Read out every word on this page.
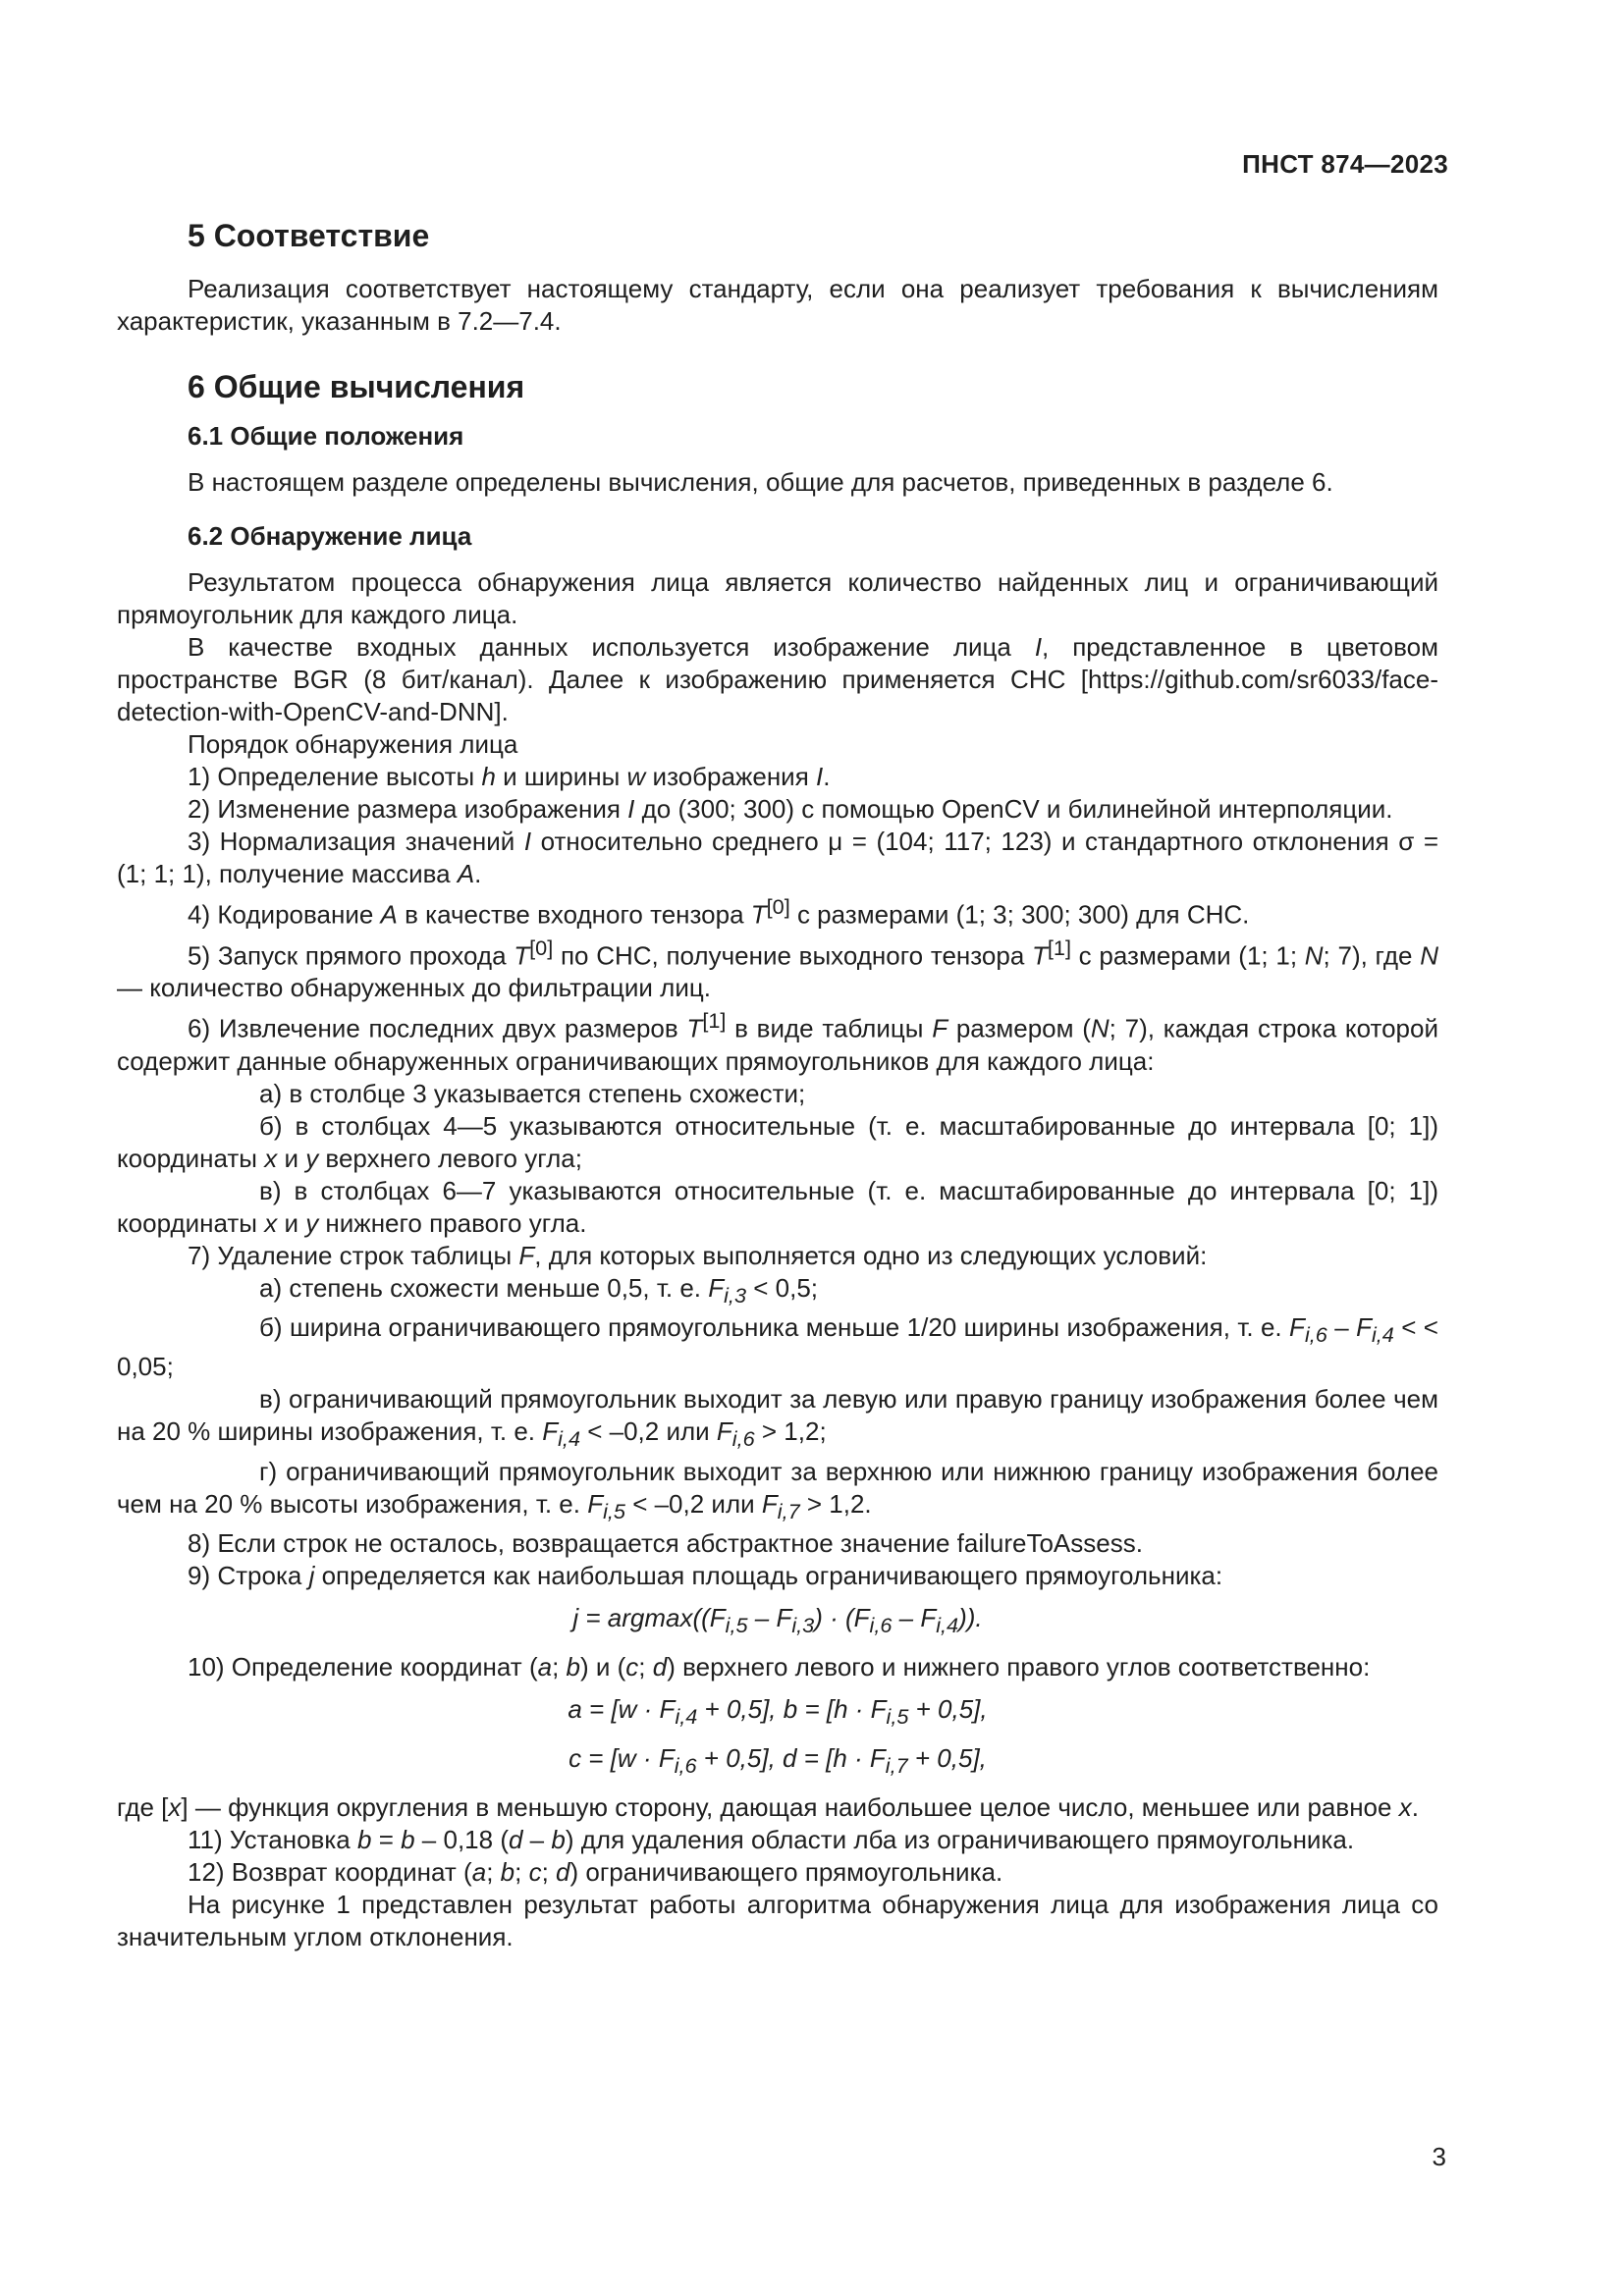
ПНСТ 874—2023
5 Соответствие

Реализация соответствует настоящему стандарту, если она реализует требования к вычислениям характеристик, указанным в 7.2—7.4.

6 Общие вычисления
6.1 Общие положения

В настоящем разделе определены вычисления, общие для расчетов, приведенных в разделе 6.

6.2 Обнаружение лица

Результатом процесса обнаружения лица является количество найденных лиц и ограничивающий прямоугольник для каждого лица.

В качестве входных данных используется изображение лица I, представленное в цветовом пространстве BGR (8 бит/канал). Далее к изображению применяется СНС [https://github.com/sr6033/face-detection-with-OpenCV-and-DNN].

Порядок обнаружения лица

1) Определение высоты h и ширины w изображения I.

2) Изменение размера изображения I до (300; 300) с помощью OpenCV и билинейной интерполяции.

3) Нормализация значений I относительно среднего μ = (104; 117; 123) и стандартного отклонения σ = (1; 1; 1), получение массива A.

4) Кодирование A в качестве входного тензора T[0] с размерами (1; 3; 300; 300) для СНС.

5) Запуск прямого прохода T[0] по СНС, получение выходного тензора T[1] с размерами (1; 1; N; 7), где N — количество обнаруженных до фильтрации лиц.

6) Извлечение последних двух размеров T[1] в виде таблицы F размером (N; 7), каждая строка которой содержит данные обнаруженных ограничивающих прямоугольников для каждого лица:

а) в столбце 3 указывается степень схожести;

б) в столбцах 4—5 указываются относительные (т. е. масштабированные до интервала [0; 1]) координаты x и y верхнего левого угла;

в) в столбцах 6—7 указываются относительные (т. е. масштабированные до интервала [0; 1]) координаты x и y нижнего правого угла.

7) Удаление строк таблицы F, для которых выполняется одно из следующих условий:

а) степень схожести меньше 0,5, т. е. $F_{i,3} < 0,5$;

б) ширина ограничивающего прямоугольника меньше 1/20 ширины изображения, т. е. $F_{i,6} - F_{i,4}$ < < 0,05;

в) ограничивающий прямоугольник выходит за левую или правую границу изображения более чем на 20 % ширины изображения, т. е. $F_{i,4} < -0,2$ или $F_{i,6} > 1,2$;

г) ограничивающий прямоугольник выходит за верхнюю или нижнюю границу изображения более чем на 20 % высоты изображения, т. е. $F_{i,5} < -0,2$ или $F_{i,7} > 1,2$.

8) Если строк не осталось, возвращается абстрактное значение failureToAssess.

9) Строка j определяется как наибольшая площадь ограничивающего прямоугольника:

$j = argmax((F_{i,5} - F_{i,3}) \cdot (F_{i,6} - F_{i,4}))$.

10) Определение координат (a; b) и (c; d) верхнего левого и нижнего правого углов соответственно:

$a = [w \cdot F_{i,4} + 0,5]$, $b = [h \cdot F_{i,5} + 0,5]$,

$c = [w \cdot F_{i,6} + 0,5]$, $d = [h \cdot F_{i,7} + 0,5]$,

где [x] — функция округления в меньшую сторону, дающая наибольшее целое число, меньшее или равное x.

11) Установка b = b – 0,18 (d – b) для удаления области лба из ограничивающего прямоугольника.

12) Возврат координат (a; b; c; d) ограничивающего прямоугольника.

На рисунке 1 представлен результат работы алгоритма обнаружения лица для изображения лица со значительным углом отклонения.

3
